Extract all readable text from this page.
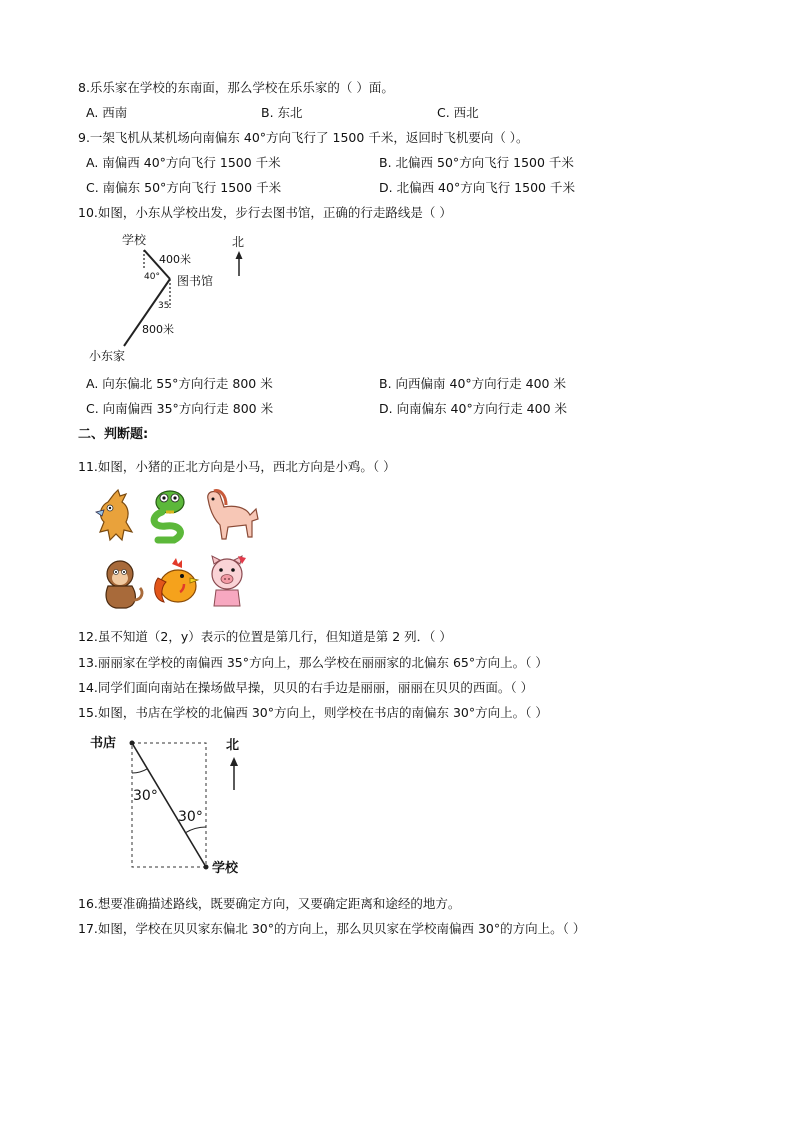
8.乐乐家在学校的东南面，那么学校在乐乐家的（ ）面。
A. 西南	B. 东北	C. 西北
9.一架飞机从某机场向南偏东 40°方向飞行了 1500 千米，返回时飞机要向（ ）。
A. 南偏西 40°方向飞行 1500 千米	B. 北偏西 50°方向飞行 1500 千米
C. 南偏东 50°方向飞行 1500 千米	D. 北偏西 40°方向飞行 1500 千米
10.如图，小东从学校出发，步行去图书馆，正确的行走路线是（ ）
学校	北
400米
40° 图书馆
35
800米
小东家
A. 向东偏北 55°方向行走 800 米	B. 向西偏南 40°方向行走 400 米
C. 向南偏西 35°方向行走 800 米	D. 向南偏东 40°方向行走 400 米
二、判断题:
11.如图，小猪的正北方向是小马，西北方向是小鸡。（ ）
12.虽不知道（2，y）表示的位置是第几行，但知道是第 2 列．（ ）
13.丽丽家在学校的南偏西 35°方向上，那么学校在丽丽家的北偏东 65°方向上。（ ）
14.同学们面向南站在操场做早操，贝贝的右手边是丽丽，丽丽在贝贝的西面。（ ）
15.如图，书店在学校的北偏西 30°方向上，则学校在书店的南偏东 30°方向上。（ ）
书店	北
30°
30°
学校
16.想要准确描述路线，既要确定方向，又要确定距离和途经的地方。
17.如图，学校在贝贝家东偏北 30°的方向上，那么贝贝家在学校南偏西 30°的方向上。（ ）
